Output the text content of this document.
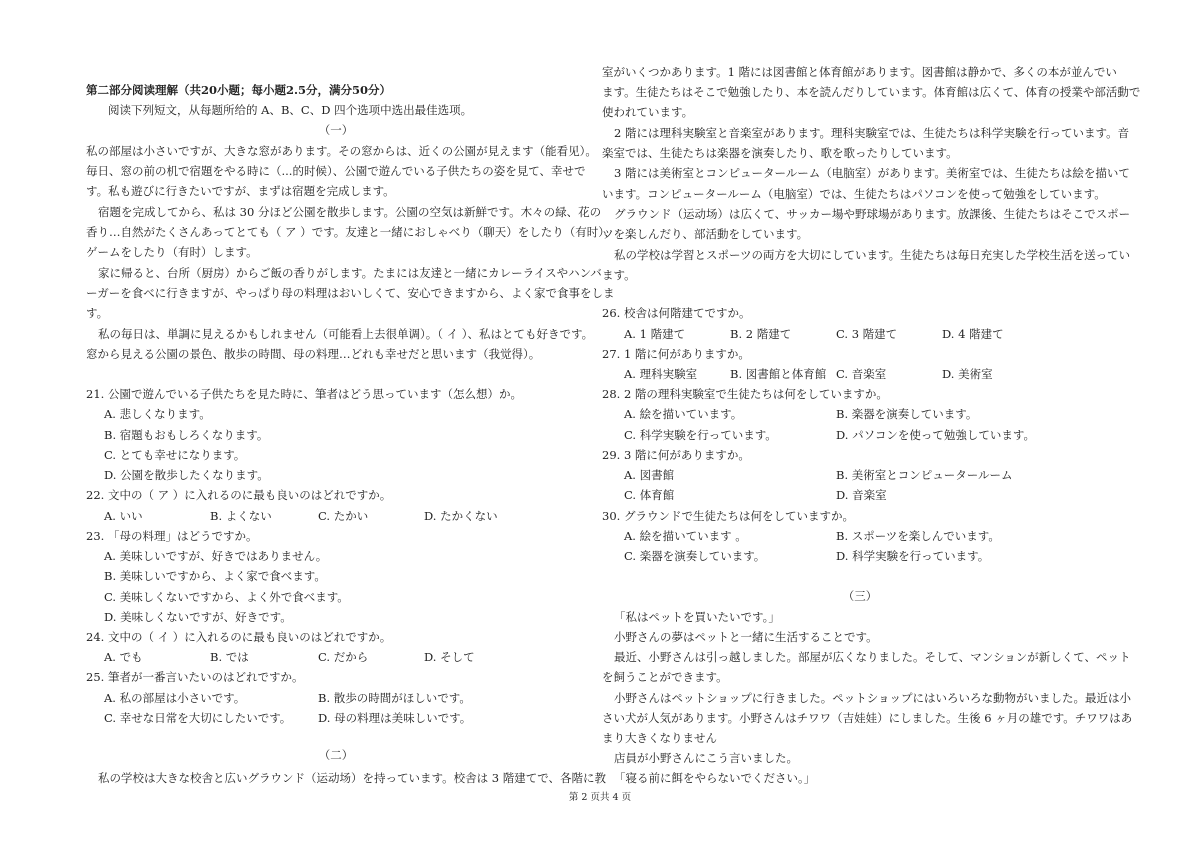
第二部分阅读理解（共20小题；每小题2.5分，满分50分）
阅读下列短文，从每题所给的 A、B、C、D 四个选项中选出最佳选项。
（一）
私の部屋は小さいですが、大きな窓があります。その窓からは、近くの公園が見えます（能看见）。
毎日、窓の前の机で宿題をやる時に（...的时候）、公園で遊んでいる子供たちの姿を見て、幸せで
す。私も遊びに行きたいですが、まずは宿題を完成します。
宿題を完成してから、私は 30 分ほど公園を散歩します。公園の空気は新鮮です。木々の緑、花の
香り…自然がたくさんあってとても（ ア ）です。友達と一緒におしゃべり（聊天）をしたり（有时）、
ゲームをしたり（有时）します。
家に帰ると、台所（厨房）からご飯の香りがします。たまには友達と一緒にカレーライスやハンバ
ーガーを食べに行きますが、やっぱり母の料理はおいしくて、安心できますから、よく家で食事をしま
す。
私の毎日は、単調に見えるかもしれません（可能看上去很单调）。（ イ ）、私はとても好きです。
窓から見える公園の景色、散歩の時間、母の料理…どれも幸せだと思います（我觉得）。
21. 公園で遊んでいる子供たちを見た時に、筆者はどう思っています（怎么想）か。
A. 悲しくなります。
B. 宿題もおもしろくなります。
C. とても幸せになります。
D. 公園を散歩したくなります。
22. 文中の（ ア ）に入れるのに最も良いのはどれですか。
A. いい	B. よくない	C. たかい	D. たかくない
23. 「母の料理」はどうですか。
A. 美味しいですが、好きではありません。
B. 美味しいですから、よく家で食べます。
C. 美味しくないですから、よく外で食べます。
D. 美味しくないですが、好きです。
24. 文中の（ イ ）に入れるのに最も良いのはどれですか。
A. でも	B. では	C. だから	D. そして
25. 筆者が一番言いたいのはどれですか。
A. 私の部屋は小さいです。	B. 散歩の時間がほしいです。
C. 幸せな日常を大切にしたいです。 D. 母の料理は美味しいです。
（二）
私の学校は大きな校舎と広いグラウンド（运动场）を持っています。校舎は 3 階建てで、各階に教
室がいくつかあります。1 階には図書館と体育館があります。図書館は静かで、多くの本が並んでい
ます。生徒たちはそこで勉強したり、本を読んだりしています。体育館は広くて、体育の授業や部活動で
使われています。
2 階には理科実験室と音楽室があります。理科実験室では、生徒たちは科学実験を行っています。音
楽室では、生徒たちは楽器を演奏したり、歌を歌ったりしています。
3 階には美術室とコンピュータールーム（电脑室）があります。美術室では、生徒たちは絵を描いて
います。コンピュータールーム（电脑室）では、生徒たちはパソコンを使って勉強をしています。
グラウンド（运动场）は広くて、サッカー場や野球場があります。放課後、生徒たちはそこでスポー
ツを楽しんだり、部活動をしています。
私の学校は学習とスポーツの両方を大切にしています。生徒たちは毎日充実した学校生活を送ってい
ます。
26. 校舎は何階建てですか。
A. 1 階建て	B. 2 階建て	C. 3 階建て	D. 4 階建て
27. 1 階に何がありますか。
A. 理科実験室	B. 図書館と体育館 C. 音楽室	D. 美術室
28. 2 階の理科実験室で生徒たちは何をしていますか。
A. 絵を描いています。	B. 楽器を演奏しています。
C. 科学実験を行っています。	D. パソコンを使って勉強しています。
29. 3 階に何がありますか。
A. 図書館	B. 美術室とコンピュータールーム
C. 体育館	D. 音楽室
30. グラウンドで生徒たちは何をしていますか。
A. 絵を描いています 。	B. スポーツを楽しんでいます。
C. 楽器を演奏しています。	D. 科学実験を行っています。
（三）
「私はペットを買いたいです。」
小野さんの夢はペットと一緒に生活することです。
最近、小野さんは引っ越しました。部屋が広くなりました。そして、マンションが新しくて、ペット
を飼うことができます。
小野さんはペットショップに行きました。ペットショップにはいろいろな動物がいました。最近は小
さい犬が人気があります。小野さんはチワワ（吉娃娃）にしました。生後 6 ヶ月の雄です。チワワはあ
まり大きくなりません
店員が小野さんにこう言いました。
「寝る前に餌をやらないでください。」
第 2 页共 4 页
